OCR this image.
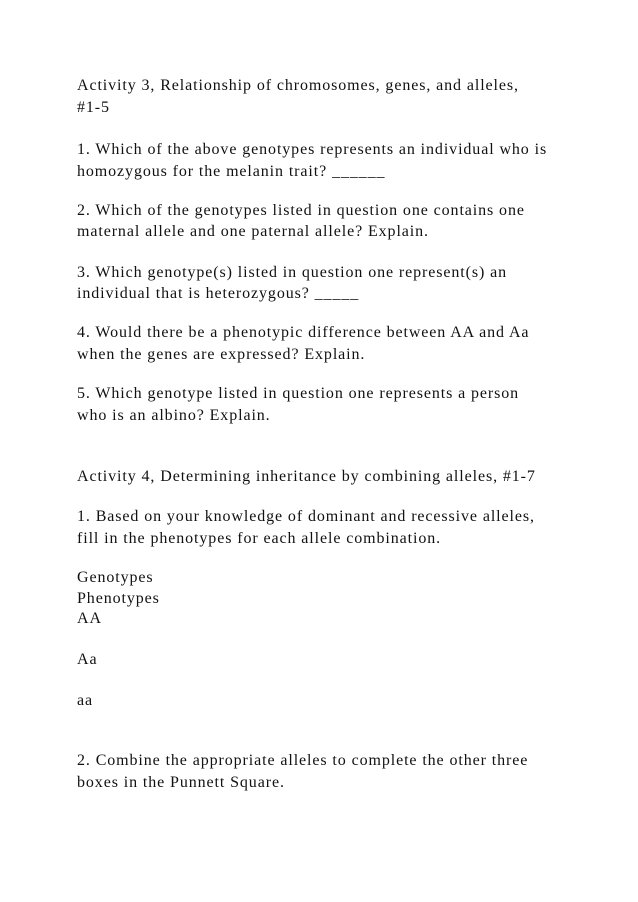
Activity 3, Relationship of chromosomes, genes, and alleles,
#1-5
1. Which of the above genotypes represents an individual who is
homozygous for the melanin trait? ______
2. Which of the genotypes listed in question one contains one
maternal allele and one paternal allele? Explain.
3. Which genotype(s) listed in question one represent(s) an
individual that is heterozygous? _____
4. Would there be a phenotypic difference between AA and Aa
when the genes are expressed? Explain.
5. Which genotype listed in question one represents a person
who is an albino? Explain.
Activity 4, Determining inheritance by combining alleles, #1-7
1. Based on your knowledge of dominant and recessive alleles,
fill in the phenotypes for each allele combination.
Genotypes
Phenotypes
AA
Aa
aa
2. Combine the appropriate alleles to complete the other three
boxes in the Punnett Square.
